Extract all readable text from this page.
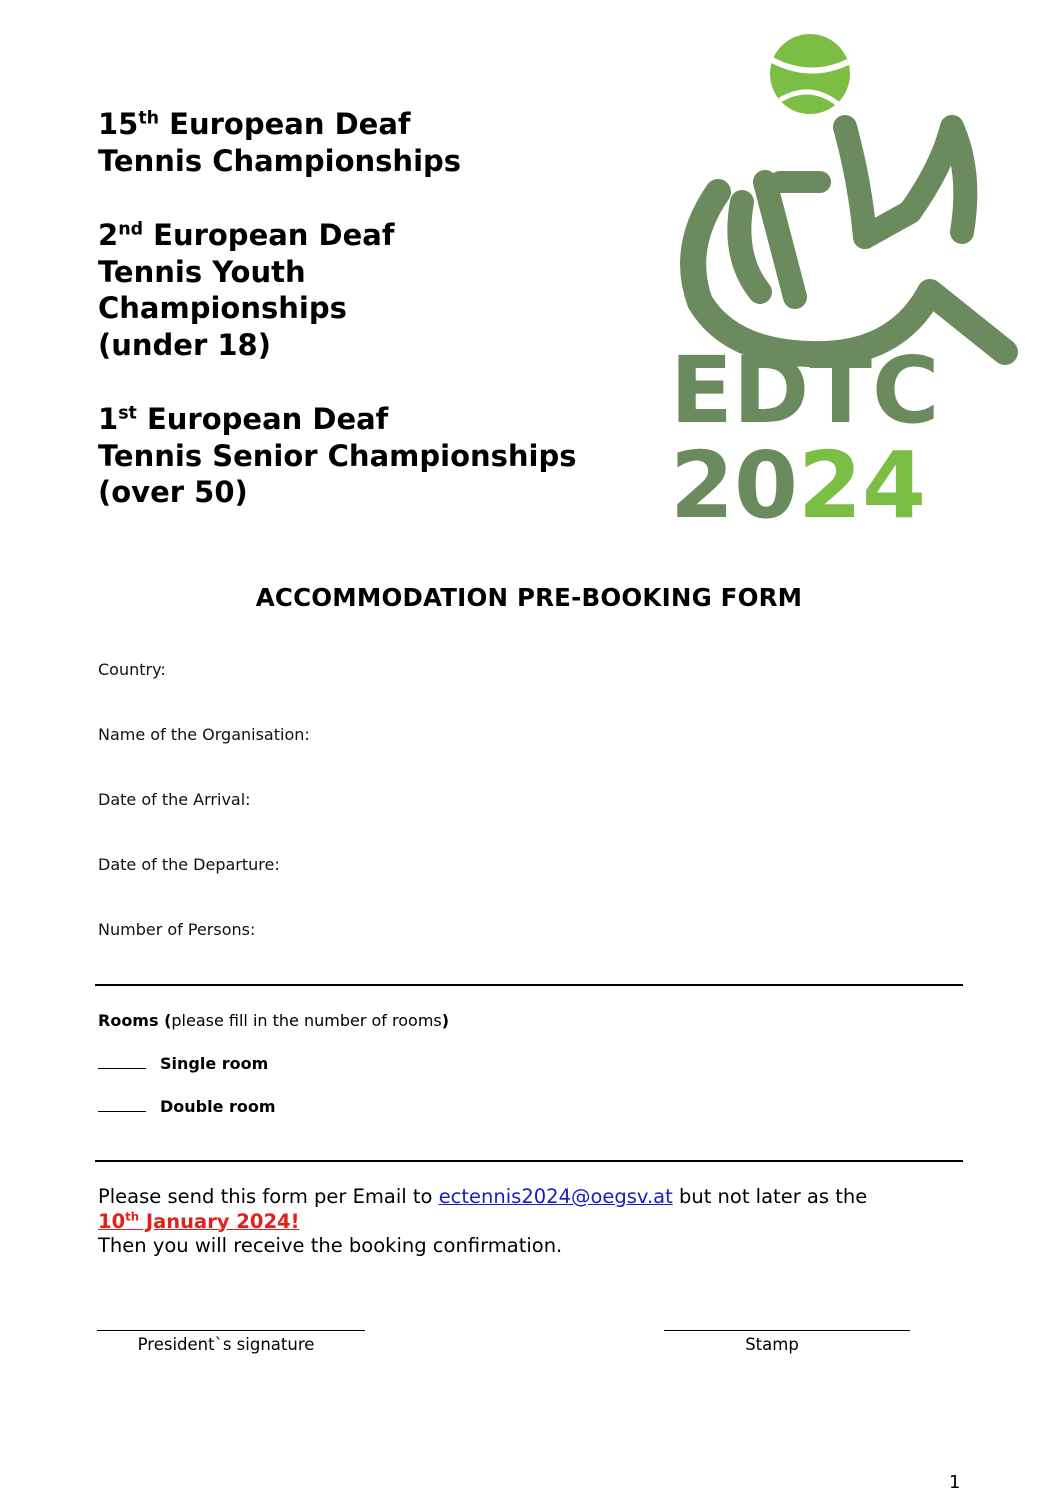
15th European Deaf

Tennis Championships

2nd European Deaf

Tennis Youth

Championships

(under 18)

1st European Deaf

Tennis Senior Championships

(over 50)

EDTC
2024
ACCOMMODATION PRE-BOOKING FORM
Country:
Name of the Organisation:
Date of the Arrival:
Date of the Departure:
Number of Persons:
Rooms (please fill in the number of rooms)
Single room
Double room
Please send this form per Email to ectennis2024@oegsv.at but not later as the
10th January 2024!
Then you will receive the booking confirmation.
President`s signature	Stamp
1
